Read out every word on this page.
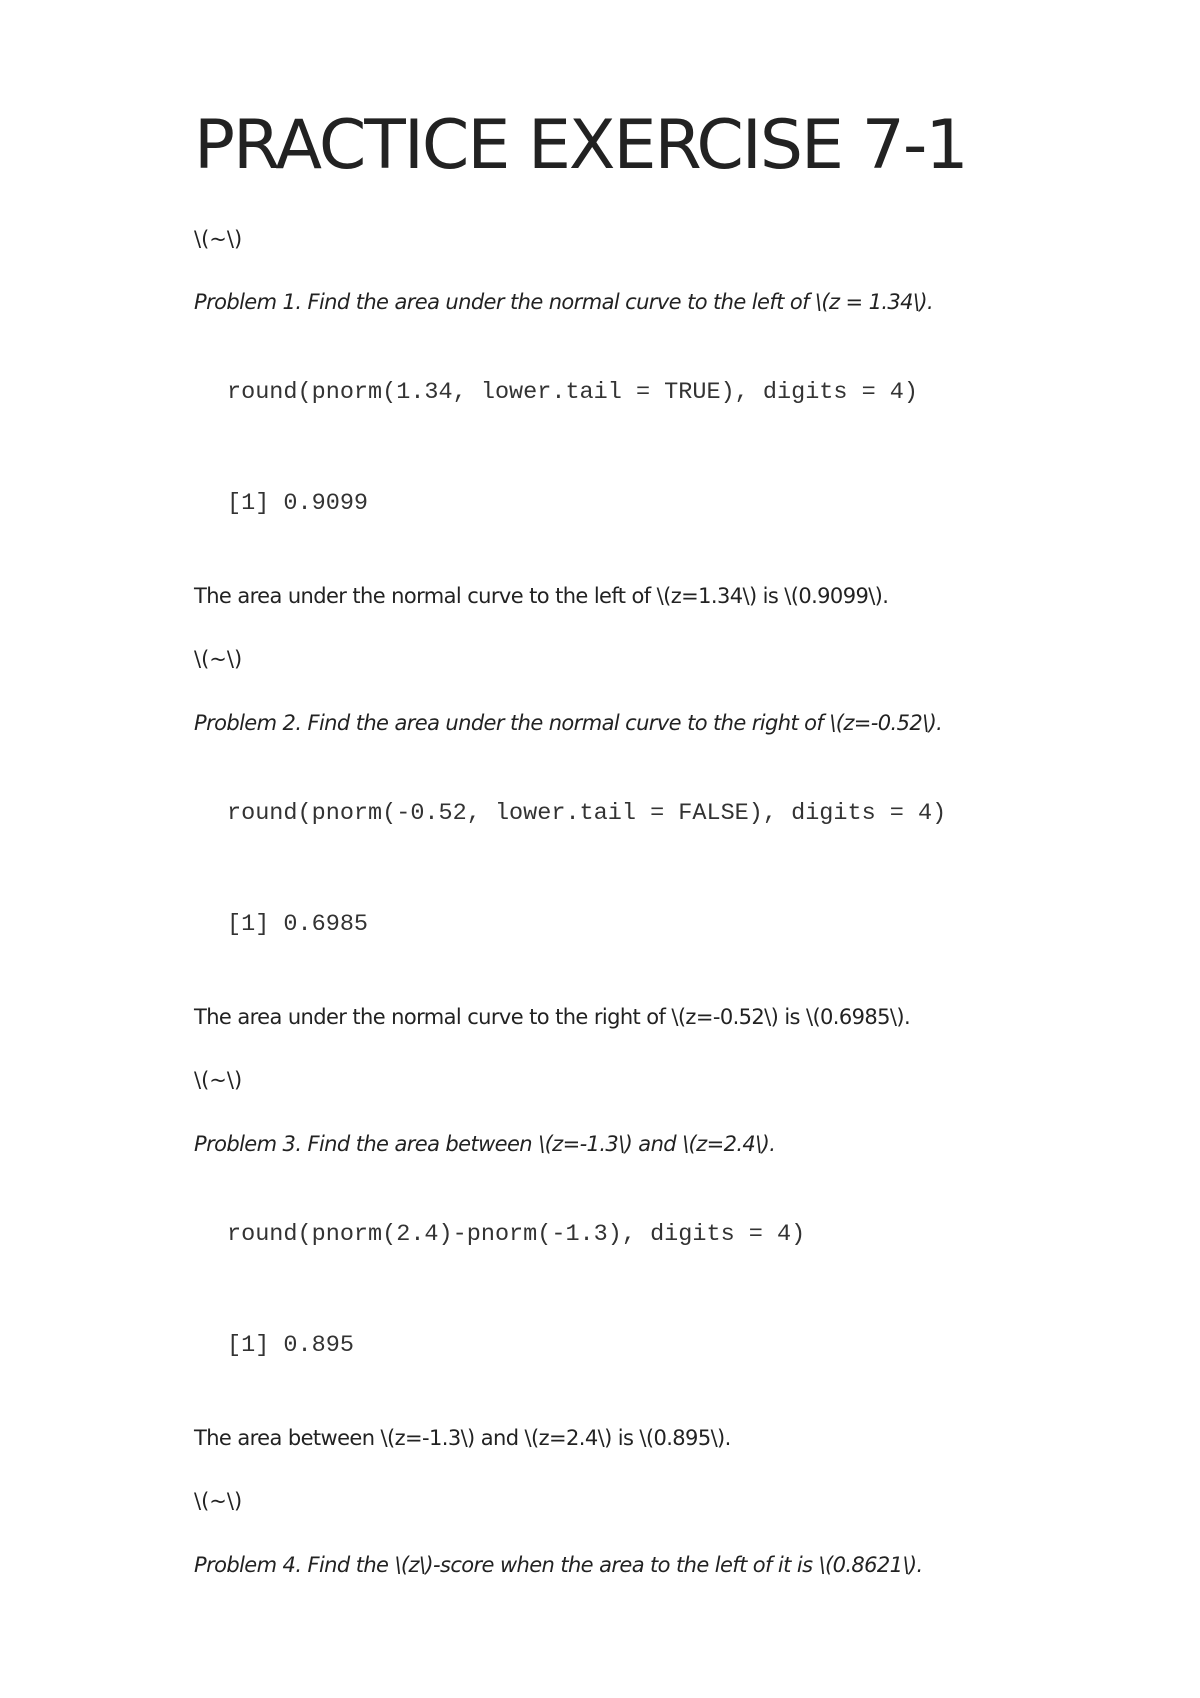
PRACTICE EXERCISE 7-1
\(~\)
Problem 1. Find the area under the normal curve to the left of \(z = 1.34\).
round(pnorm(1.34, lower.tail = TRUE), digits = 4)
[1] 0.9099
The area under the normal curve to the left of \(z=1.34\) is \(0.9099\).
\(~\)
Problem 2. Find the area under the normal curve to the right of \(z=-0.52\).
round(pnorm(-0.52, lower.tail = FALSE), digits = 4)
[1] 0.6985
The area under the normal curve to the right of \(z=-0.52\) is \(0.6985\).
\(~\)
Problem 3. Find the area between \(z=-1.3\) and \(z=2.4\).
round(pnorm(2.4)-pnorm(-1.3), digits = 4)
[1] 0.895
The area between \(z=-1.3\) and \(z=2.4\) is \(0.895\).
\(~\)
Problem 4. Find the \(z\)-score when the area to the left of it is \(0.8621\).
